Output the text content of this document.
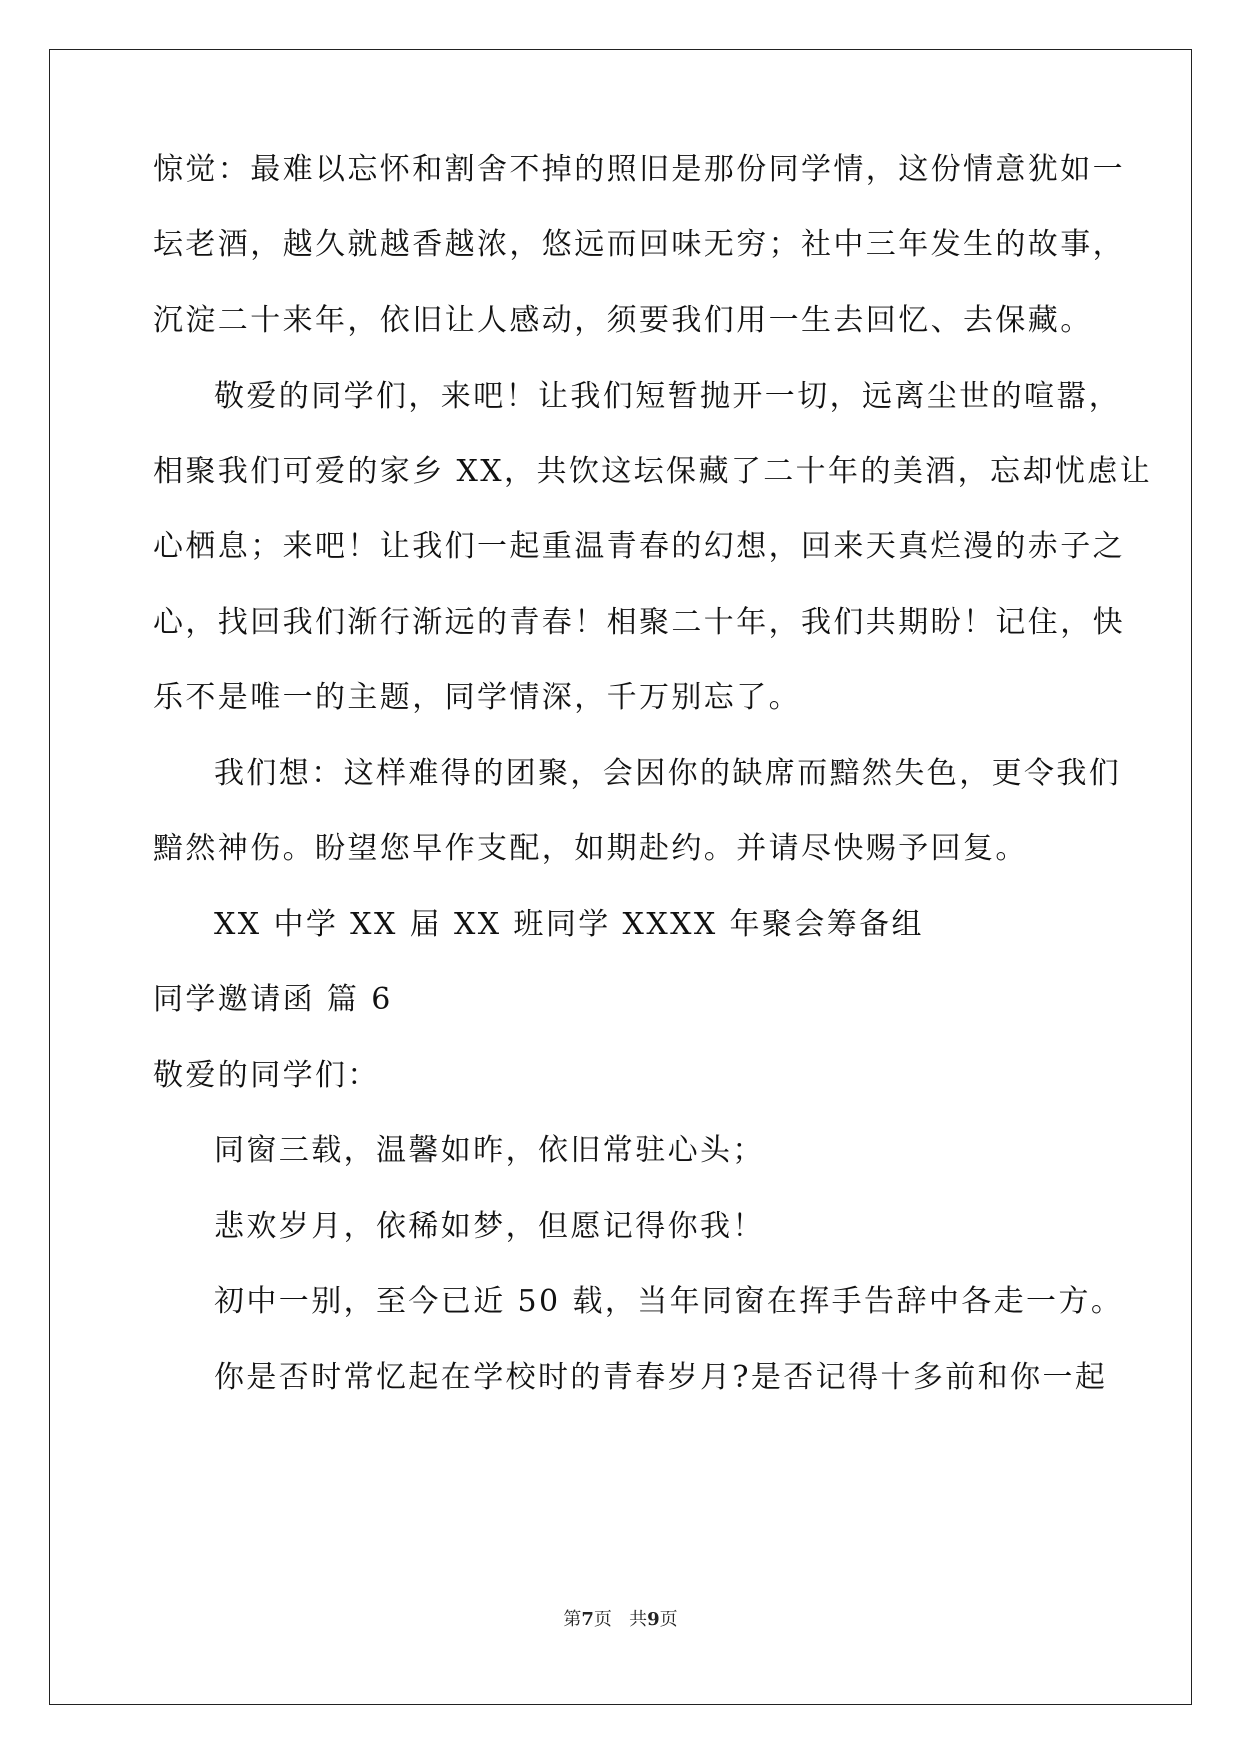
惊觉：最难以忘怀和割舍不掉的照旧是那份同学情，这份情意犹如一
坛老酒，越久就越香越浓，悠远而回味无穷；社中三年发生的故事，
沉淀二十来年，依旧让人感动，须要我们用一生去回忆、去保藏。
敬爱的同学们，来吧！让我们短暂抛开一切，远离尘世的喧嚣，
相聚我们可爱的家乡 XX，共饮这坛保藏了二十年的美酒，忘却忧虑让
心栖息；来吧！让我们一起重温青春的幻想，回来天真烂漫的赤子之
心，找回我们渐行渐远的青春！相聚二十年，我们共期盼！记住，快
乐不是唯一的主题，同学情深，千万别忘了。
我们想：这样难得的团聚，会因你的缺席而黯然失色，更令我们
黯然神伤。盼望您早作支配，如期赴约。并请尽快赐予回复。
XX 中学 XX 届 XX 班同学 XXXX 年聚会筹备组
同学邀请函 篇 6
敬爱的同学们：
同窗三载，温馨如昨，依旧常驻心头；
悲欢岁月，依稀如梦，但愿记得你我！
初中一别，至今已近 50 载，当年同窗在挥手告辞中各走一方。
你是否时常忆起在学校时的青春岁月?是否记得十多前和你一起
第7页 共9页
